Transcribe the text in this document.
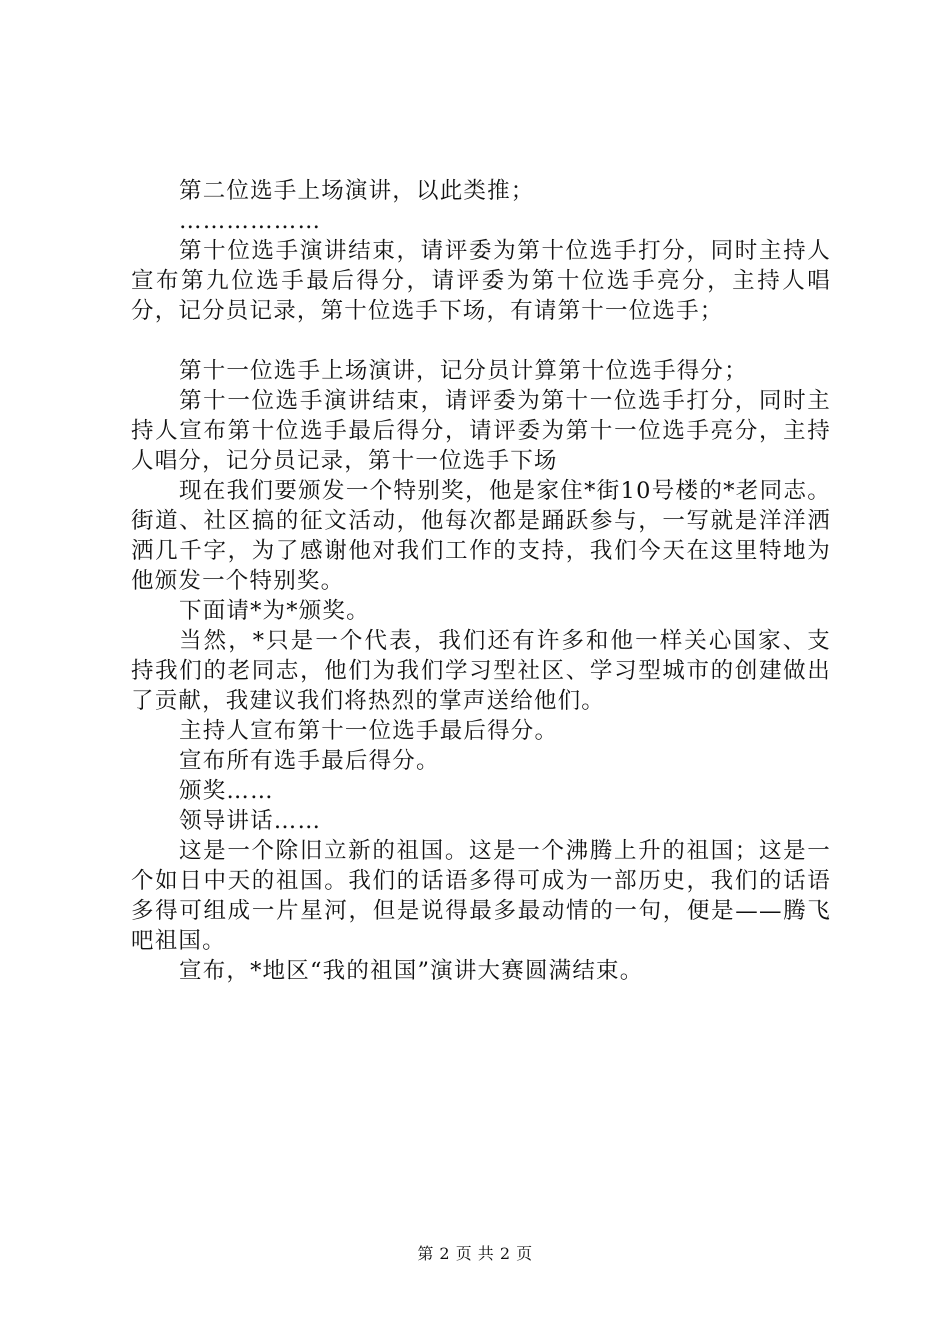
第二位选手上场演讲，以此类推；

………………

第十位选手演讲结束，请评委为第十位选手打分，同时主持人宣布第九位选手最后得分，请评委为第十位选手亮分，主持人唱分，记分员记录，第十位选手下场，有请第十一位选手；

第十一位选手上场演讲，记分员计算第十位选手得分；

第十一位选手演讲结束，请评委为第十一位选手打分，同时主持人宣布第十位选手最后得分，请评委为第十一位选手亮分，主持人唱分，记分员记录，第十一位选手下场

现在我们要颁发一个特别奖，他是家住*街10号楼的*老同志。街道、社区搞的征文活动，他每次都是踊跃参与，一写就是洋洋洒洒几千字，为了感谢他对我们工作的支持，我们今天在这里特地为他颁发一个特别奖。

下面请*为*颁奖。

当然，*只是一个代表，我们还有许多和他一样关心国家、支持我们的老同志，他们为我们学习型社区、学习型城市的创建做出了贡献，我建议我们将热烈的掌声送给他们。

主持人宣布第十一位选手最后得分。

宣布所有选手最后得分。

颁奖……

领导讲话……

这是一个除旧立新的祖国。这是一个沸腾上升的祖国；这是一个如日中天的祖国。我们的话语多得可成为一部历史，我们的话语多得可组成一片星河，但是说得最多最动情的一句，便是——腾飞吧祖国。

宣布，*地区“我的祖国”演讲大赛圆满结束。

第 2 页 共 2 页
